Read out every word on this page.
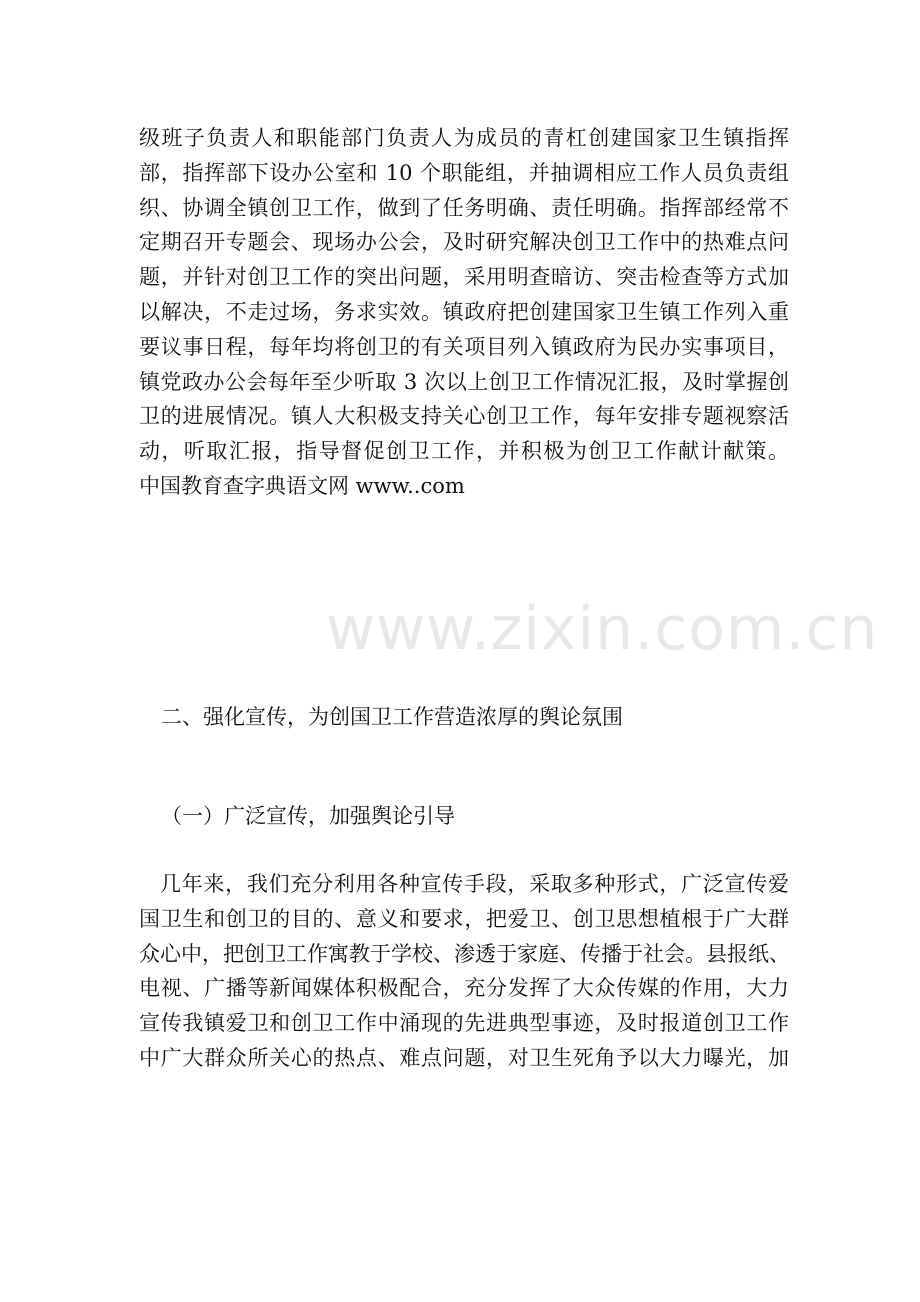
级班子负责人和职能部门负责人为成员的青杠创建国家卫生镇指挥
部，指挥部下设办公室和 10 个职能组，并抽调相应工作人员负责组
织、协调全镇创卫工作，做到了任务明确、责任明确。指挥部经常不
定期召开专题会、现场办公会，及时研究解决创卫工作中的热难点问
题，并针对创卫工作的突出问题，采用明查暗访、突击检查等方式加
以解决，不走过场，务求实效。镇政府把创建国家卫生镇工作列入重
要议事日程，每年均将创卫的有关项目列入镇政府为民办实事项目，
镇党政办公会每年至少听取 3 次以上创卫工作情况汇报，及时掌握创
卫的进展情况。镇人大积极支持关心创卫工作，每年安排专题视察活
动，听取汇报，指导督促创卫工作，并积极为创卫工作献计献策。
中国教育查字典语文网 www..com
www.zixin.com.cn
二、强化宣传，为创国卫工作营造浓厚的舆论氛围
（一）广泛宣传，加强舆论引导
几年来，我们充分利用各种宣传手段，采取多种形式，广泛宣传爱
国卫生和创卫的目的、意义和要求，把爱卫、创卫思想植根于广大群
众心中，把创卫工作寓教于学校、渗透于家庭、传播于社会。县报纸、
电视、广播等新闻媒体积极配合，充分发挥了大众传媒的作用，大力
宣传我镇爱卫和创卫工作中涌现的先进典型事迹，及时报道创卫工作
中广大群众所关心的热点、难点问题，对卫生死角予以大力曝光，加
